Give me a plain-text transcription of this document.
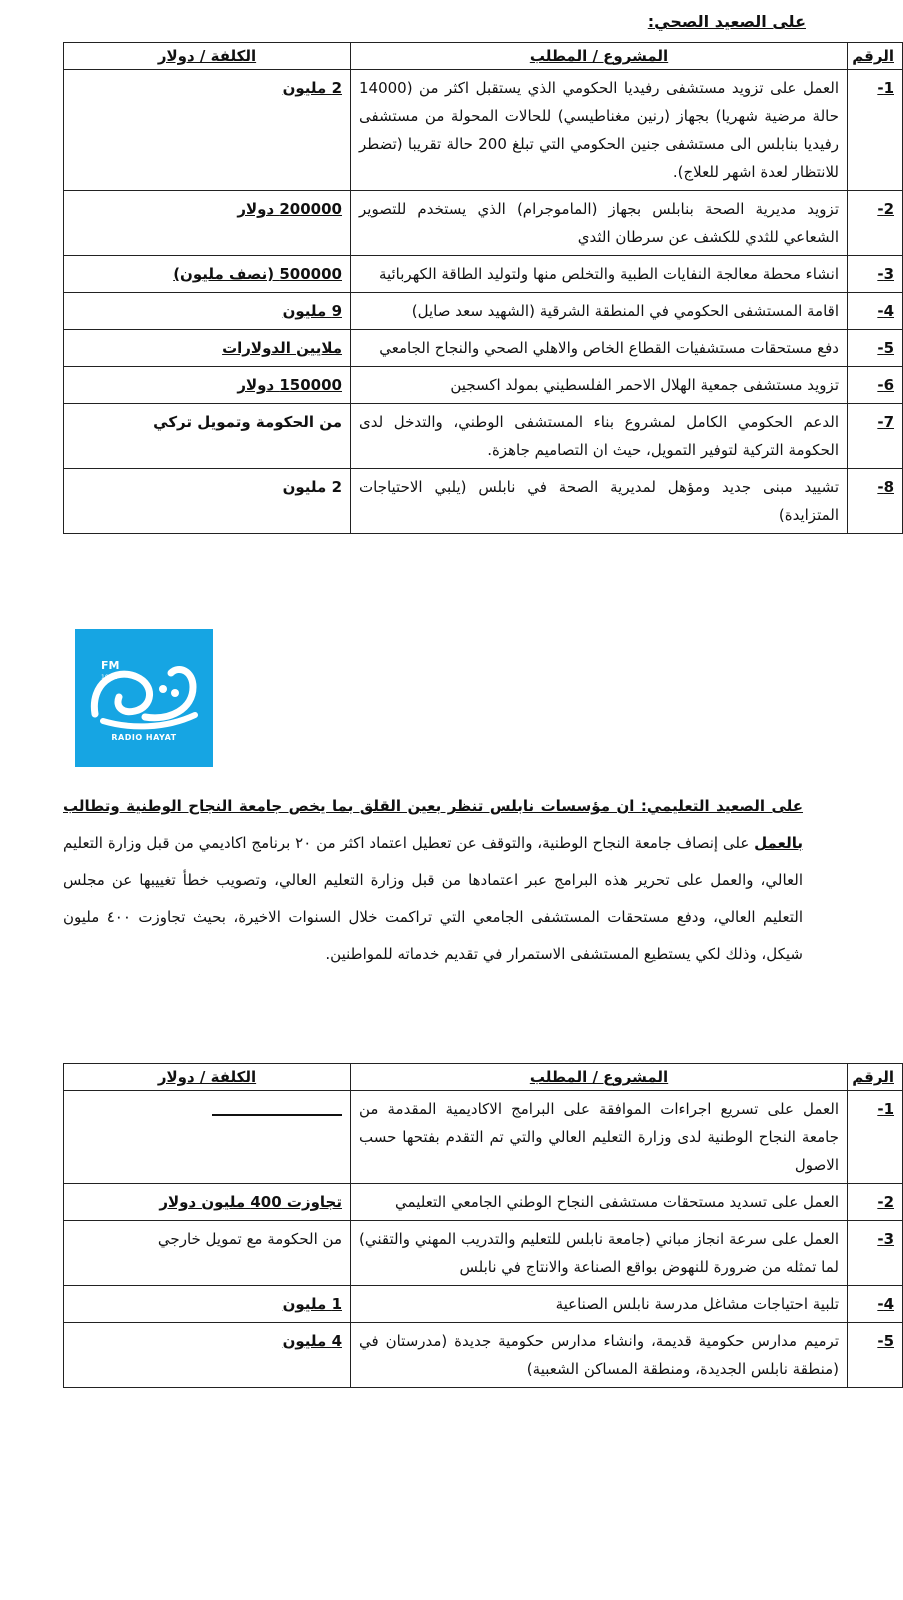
على الصعيد الصحي:
الرقم	المشروع / المطلب	الكلفة / دولار
1-	العمل على تزويد مستشفى رفيديا الحكومي الذي يستقبل اكثر من (14000 حالة مرضية شهريا) بجهاز (رنين مغناطيسي) للحالات المحولة من مستشفى رفيديا بنابلس الى مستشفى جنين الحكومي التي تبلغ 200 حالة تقريبا (تضطر للانتظار لعدة اشهر للعلاج).	2 مليون
2-	تزويد مديرية الصحة بنابلس بجهاز (الماموجرام) الذي يستخدم للتصوير الشعاعي للثدي للكشف عن سرطان الثدي	200000 دولار
3-	انشاء محطة معالجة النفايات الطبية والتخلص منها ولتوليد الطاقة الكهربائية	500000 (نصف مليون)
4-	اقامة المستشفى الحكومي في المنطقة الشرقية (الشهيد سعد صايل)	9 مليون
5-	دفع مستحقات مستشفيات القطاع الخاص والاهلي الصحي والنجاح الجامعي	ملايين الدولارات
6-	تزويد مستشفى جمعية الهلال الاحمر الفلسطيني بمولد اكسجين	150000 دولار
7-	الدعم الحكومي الكامل لمشروع بناء المستشفى الوطني، والتدخل لدى الحكومة التركية لتوفير التمويل، حيث ان التصاميم جاهزة.	من الحكومة وتمويل تركي
8-	تشييد مبنى جديد ومؤهل لمديرية الصحة في نابلس (يلبي الاحتياجات المتزايدة)	2 مليون
FM
106.5
RADIO HAYAT
على الصعيد التعليمي: ان مؤسسات نابلس تنظر بعين القلق بما يخص جامعة النجاح الوطنية وتطالب بالعمل على إنصاف جامعة النجاح الوطنية، والتوقف عن تعطيل اعتماد اكثر من ٢٠ برنامج اكاديمي من قبل وزارة التعليم العالي، والعمل على تحرير هذه البرامج عبر اعتمادها من قبل وزارة التعليم العالي، وتصويب خطأ تغييبها عن مجلس التعليم العالي، ودفع مستحقات المستشفى الجامعي التي تراكمت خلال السنوات الاخيرة، بحيث تجاوزت ٤٠٠ مليون شيكل، وذلك لكي يستطيع المستشفى الاستمرار في تقديم خدماته للمواطنين.
الرقم	المشروع / المطلب	الكلفة / دولار
1-	العمل على تسريع اجراءات الموافقة على البرامج الاكاديمية المقدمة من جامعة النجاح الوطنية لدى وزارة التعليم العالي والتي تم التقدم بفتحها حسب الاصول	
2-	العمل على تسديد مستحقات مستشفى النجاح الوطني الجامعي التعليمي	تجاوزت 400 مليون دولار
3-	العمل على سرعة انجاز مباني (جامعة نابلس للتعليم والتدريب المهني والتقني) لما تمثله من ضرورة للنهوض بواقع الصناعة والانتاج في نابلس	من الحكومة مع تمويل خارجي
4-	تلبية احتياجات مشاغل مدرسة نابلس الصناعية	1 مليون
5-	ترميم مدارس حكومية قديمة، وانشاء مدارس حكومية جديدة (مدرستان في (منطقة نابلس الجديدة، ومنطقة المساكن الشعبية)	4 مليون
